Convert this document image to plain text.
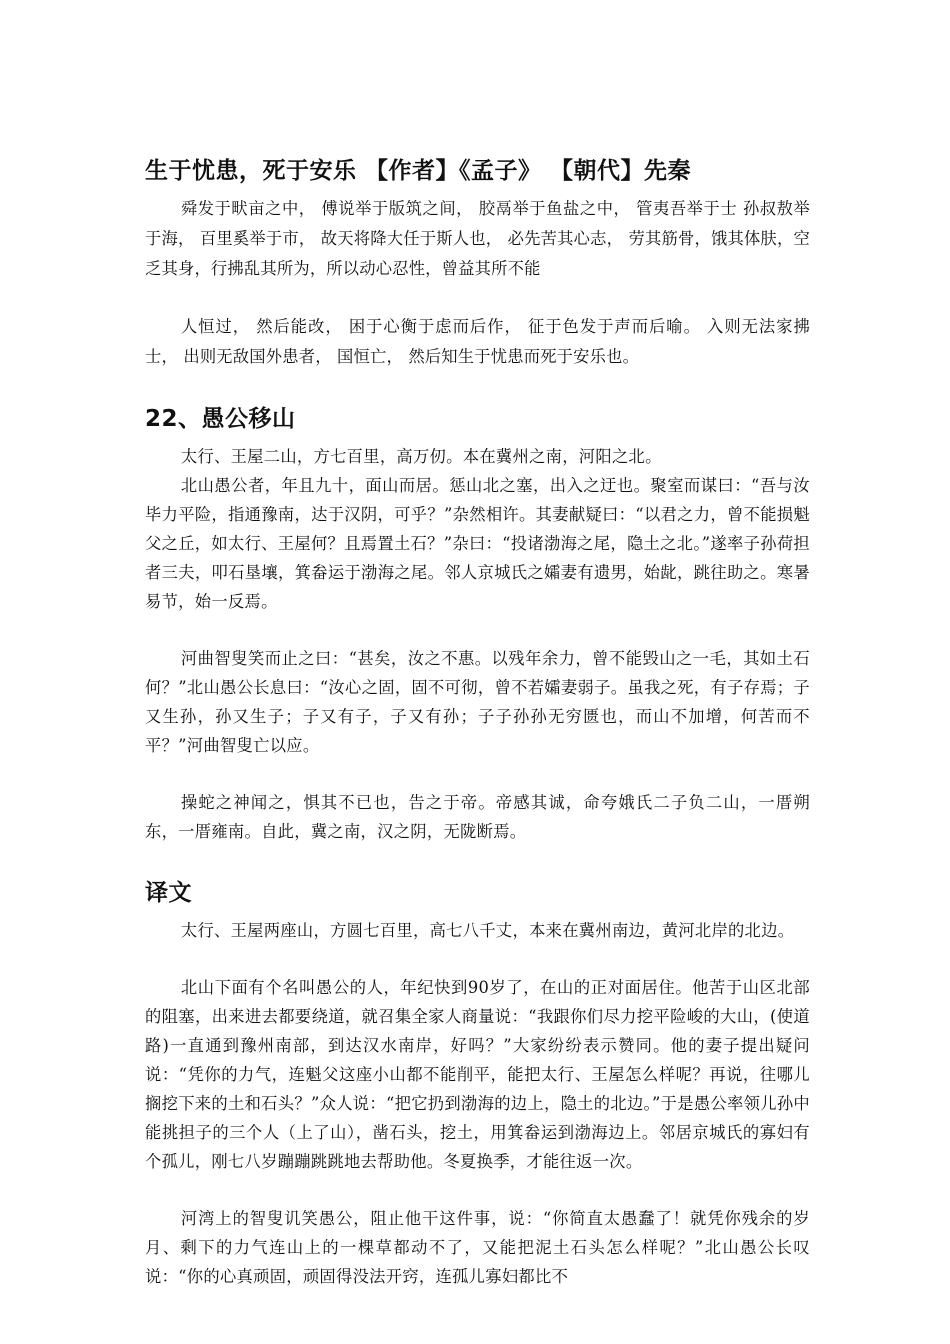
生于忧患，死于安乐 【作者】《孟子》 【朝代】先秦

舜发于畎亩之中， 傅说举于版筑之间， 胶鬲举于鱼盐之中， 管夷吾举于士 孙叔敖举于海， 百里奚举于市， 故天将降大任于斯人也， 必先苦其心志， 劳其筋骨，饿其体肤，空乏其身，行拂乱其所为，所以动心忍性，曾益其所不能

人恒过， 然后能改， 困于心衡于虑而后作， 征于色发于声而后喻。 入则无法家拂士， 出则无敌国外患者， 国恒亡， 然后知生于忧患而死于安乐也。

22、愚公移山

太行、王屋二山，方七百里，高万仞。本在冀州之南，河阳之北。

北山愚公者，年且九十，面山而居。惩山北之塞，出入之迂也。聚室而谋曰：“吾与汝毕力平险，指通豫南，达于汉阴，可乎？”杂然相许。其妻献疑曰：“以君之力，曾不能损魁父之丘，如太行、王屋何？且焉置土石？”杂曰：“投诸渤海之尾，隐土之北。”遂率子孙荷担者三夫，叩石垦壤，箕畚运于渤海之尾。邻人京城氏之孀妻有遗男，始龀，跳往助之。寒暑易节，始一反焉。

河曲智叟笑而止之曰：“甚矣，汝之不惠。以残年余力，曾不能毁山之一毛，其如土石何？”北山愚公长息曰：“汝心之固，固不可彻，曾不若孀妻弱子。虽我之死，有子存焉；子又生孙，孙又生子；子又有子，子又有孙；子子孙孙无穷匮也，而山不加增，何苦而不平？”河曲智叟亡以应。

操蛇之神闻之，惧其不已也，告之于帝。帝感其诚，命夸娥氏二子负二山，一厝朔东，一厝雍南。自此，冀之南，汉之阴，无陇断焉。

译文

太行、王屋两座山，方圆七百里，高七八千丈，本来在冀州南边，黄河北岸的北边。

北山下面有个名叫愚公的人，年纪快到90岁了，在山的正对面居住。他苦于山区北部的阻塞，出来进去都要绕道，就召集全家人商量说：“我跟你们尽力挖平险峻的大山，(使道路)一直通到豫州南部，到达汉水南岸，好吗？”大家纷纷表示赞同。他的妻子提出疑问说：“凭你的力气，连魁父这座小山都不能削平，能把太行、王屋怎么样呢？再说，往哪儿搁挖下来的土和石头？”众人说：“把它扔到渤海的边上，隐土的北边。”于是愚公率领儿孙中能挑担子的三个人（上了山），凿石头，挖土，用箕畚运到渤海边上。邻居京城氏的寡妇有个孤儿，刚七八岁蹦蹦跳跳地去帮助他。冬夏换季，才能往返一次。

河湾上的智叟讥笑愚公，阻止他干这件事，说：“你简直太愚蠢了！就凭你残余的岁月、剩下的力气连山上的一棵草都动不了，又能把泥土石头怎么样呢？”北山愚公长叹说：“你的心真顽固，顽固得没法开窍，连孤儿寡妇都比不
